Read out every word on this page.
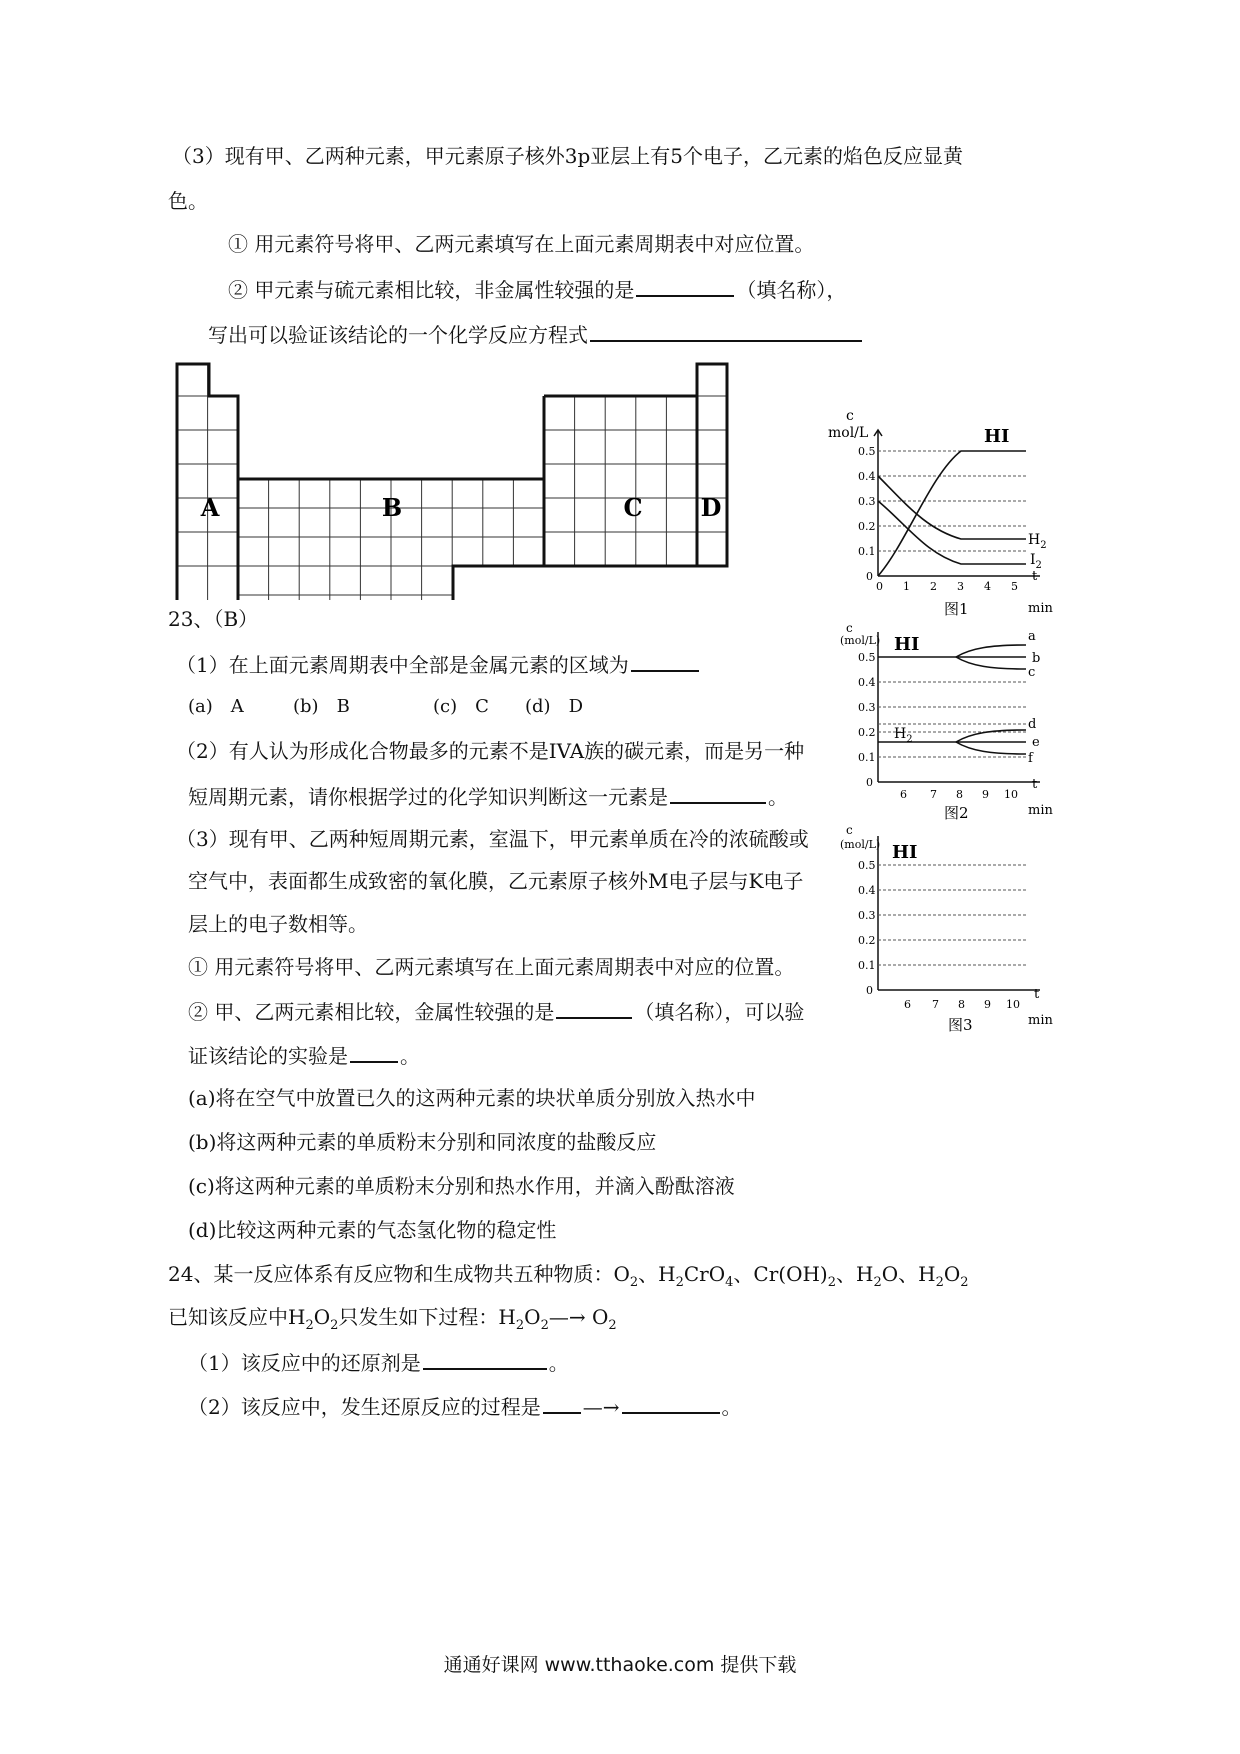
（3）现有甲、乙两种元素，甲元素原子核外3p亚层上有5个电子，乙元素的焰色反应显黄
色。
① 用元素符号将甲、乙两元素填写在上面元素周期表中对应位置。
② 甲元素与硫元素相比较，非金属性较强的是	（填名称），
写出可以验证该结论的一个化学反应方程式
A	B	C D
23、（B）
（1）在上面元素周期表中全部是金属元素的区域为
(a)　A	(b)　B	(c)　C (d)　D
（2）有人认为形成化合物最多的元素不是IVA族的碳元素，而是另一种
短周期元素，请你根据学过的化学知识判断这一元素是	。
（3）现有甲、乙两种短周期元素，室温下，甲元素单质在冷的浓硫酸或
空气中，表面都生成致密的氧化膜，乙元素原子核外M电子层与K电子
层上的电子数相等。
① 用元素符号将甲、乙两元素填写在上面元素周期表中对应的位置。
② 甲、乙两元素相比较，金属性较强的是	（填名称），可以验
证该结论的实验是	。
(a)将在空气中放置已久的这两种元素的块状单质分别放入热水中
(b)将这两种元素的单质粉末分别和同浓度的盐酸反应
(c)将这两种元素的单质粉末分别和热水作用，并滴入酚酞溶液
(d)比较这两种元素的气态氢化物的稳定性
24、某一反应体系有反应物和生成物共五种物质：$O_2$、$H_2CrO_4$、$Cr(OH)_2$、$H_2O$、$H_2O_2$
已知该反应中$H_2O_2$只发生如下过程：$H_2O_2—\to O_2$
（1）该反应中的还原剂是	。
（2）该反应中，发生还原反应的过程是 —→	。
c
mol/L
0.5
0.4
0.3
0.2
0.1
0
0 1 2 3 4 5
HI
$H_2$
$I_2$
t
min
图1
c
(mol/L)
0.5
0.4
0.3
0.2
0.1
0
6 7 8 9 10
HI
$H_2$
a
b
c
d
e
f
t
min
图2
c
(mol/L)
0.5
0.4
0.3
0.2
0.1
0
6 7 8 9 10
HI
t
min
图3
通通好课网 www.tthaoke.com 提供下载
